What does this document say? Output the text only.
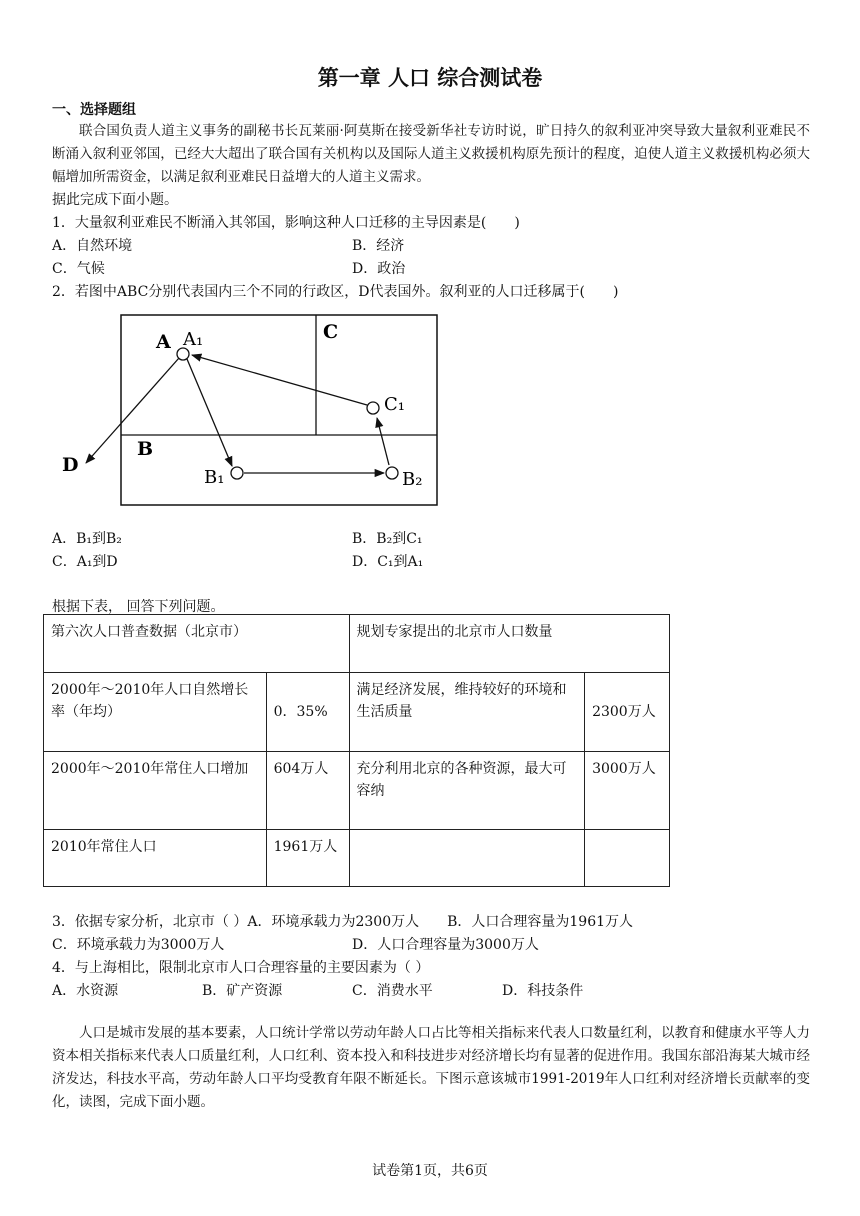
第一章 人口 综合测试卷
一、选择题组
联合国负责人道主义事务的副秘书长瓦莱丽·阿莫斯在接受新华社专访时说，旷日持久的叙利亚冲突导致大量叙利亚难民不断涌入叙利亚邻国，已经大大超出了联合国有关机构以及国际人道主义救援机构原先预计的程度，迫使人道主义救援机构必须大幅增加所需资金，以满足叙利亚难民日益增大的人道主义需求。
据此完成下面小题。
1．大量叙利亚难民不断涌入其邻国，影响这种人口迁移的主导因素是(　　)
A．自然环境	B．经济
C．气候	D．政治
2．若图中ABC分别代表国内三个不同的行政区，D代表国外。叙利亚的人口迁移属于(　　)
A A₁	C
C₁
B
B₁	B₂
D
A．B₁到B₂	B．B₂到C₁
C．A₁到D	D．C₁到A₁
根据下表， 回答下列问题。
第六次人口普查数据（北京市）		规划专家提出的北京市人口数量	
2000年～2010年人口自然增长率（年均）	0．35%	满足经济发展，维持较好的环境和生活质量	2300万人
2000年～2010年常住人口增加	604万人	充分利用北京的各种资源，最大可容纳	3000万人
2010年常住人口	1961万人		
3．依据专家分析，北京市（ ）A．环境承载力为2300万人　　B．人口合理容量为1961万人
C．环境承载力为3000万人	D．人口合理容量为3000万人
4．与上海相比，限制北京市人口合理容量的主要因素为（ ）
A．水资源	B．矿产资源	C．消费水平	D．科技条件
人口是城市发展的基本要素，人口统计学常以劳动年龄人口占比等相关指标来代表人口数量红利，以教育和健康水平等人力资本相关指标来代表人口质量红利，人口红利、资本投入和科技进步对经济增长均有显著的促进作用。我国东部沿海某大城市经济发达，科技水平高，劳动年龄人口平均受教育年限不断延长。下图示意该城市1991-2019年人口红利对经济增长贡献率的变化，读图，完成下面小题。
试卷第1页，共6页
